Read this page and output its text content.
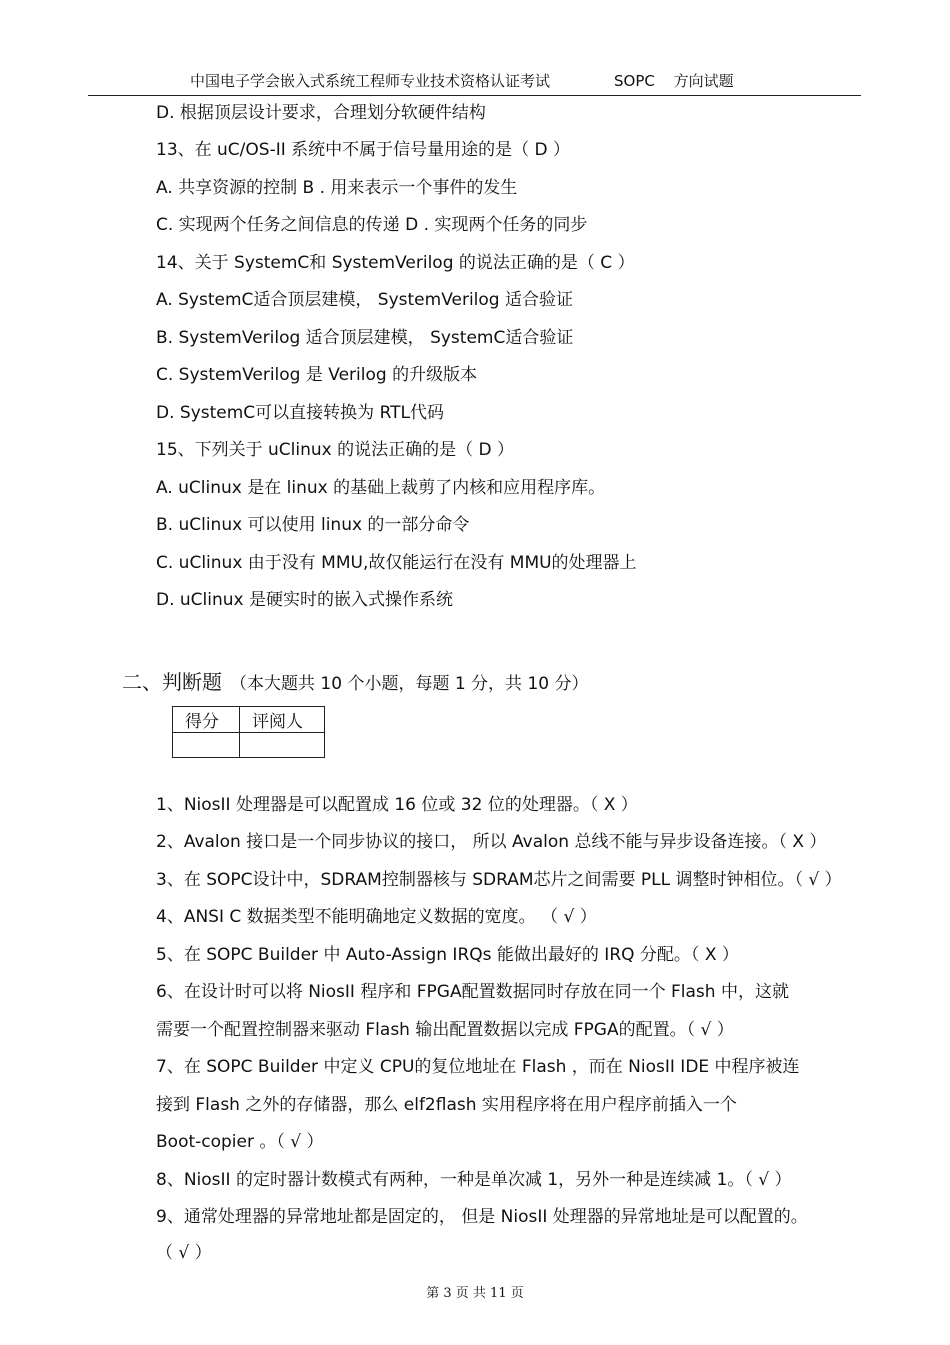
中国电子学会嵌入式系统工程师专业技术资格认证考试	SOPC 方向试题
D. 根据顶层设计要求，合理划分软硬件结构
13、在 uC/OS-II 系统中不属于信号量用途的是（ D ）
A. 共享资源的控制 B . 用来表示一个事件的发生
C. 实现两个任务之间信息的传递 D . 实现两个任务的同步
14、关于 SystemC和 SystemVerilog 的说法正确的是（ C ）
A. SystemC适合顶层建模， SystemVerilog 适合验证
B. SystemVerilog 适合顶层建模， SystemC适合验证
C. SystemVerilog 是 Verilog 的升级版本
D. SystemC可以直接转换为 RTL代码
15、下列关于 uClinux 的说法正确的是（ D ）
A. uClinux 是在 linux 的基础上裁剪了内核和应用程序库。
B. uClinux 可以使用 linux 的一部分命令
C. uClinux 由于没有 MMU,故仅能运行在没有 MMU的处理器上
D. uClinux 是硬实时的嵌入式操作系统
二、判断题 （本大题共 10 个小题，每题 1 分，共 10 分）
得分	评阅人

1、NiosII 处理器是可以配置成 16 位或 32 位的处理器。（ X ）
2、Avalon 接口是一个同步协议的接口， 所以 Avalon 总线不能与异步设备连接。（ X ）
3、在 SOPC设计中，SDRAM控制器核与 SDRAM芯片之间需要 PLL 调整时钟相位。（ √ ）
4、ANSI C 数据类型不能明确地定义数据的宽度。 （ √ ）
5、在 SOPC Builder 中 Auto-Assign IRQs 能做出最好的 IRQ 分配。（ X ）
6、在设计时可以将 NiosII 程序和 FPGA配置数据同时存放在同一个 Flash 中，这就
需要一个配置控制器来驱动 Flash 输出配置数据以完成 FPGA的配置。（ √ ）
7、在 SOPC Builder 中定义 CPU的复位地址在 Flash ，而在 NiosII IDE 中程序被连
接到 Flash 之外的存储器，那么 elf2flash 实用程序将在用户程序前插入一个
Boot-copier 。（ √ ）
8、NiosII 的定时器计数模式有两种，一种是单次减 1，另外一种是连续减 1。（ √ ）
9、通常处理器的异常地址都是固定的， 但是 NiosII 处理器的异常地址是可以配置的。
（ √ ）
第 3 页 共 11 页
